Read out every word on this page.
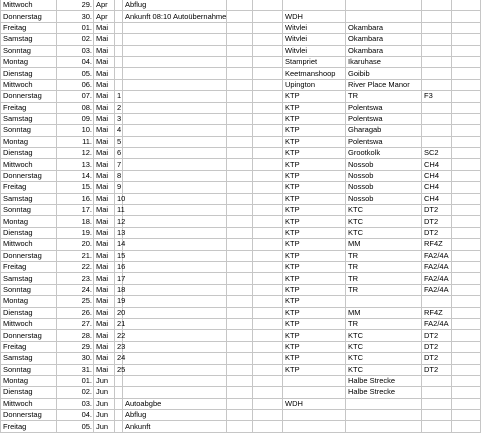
Mittwoch	29.	Apr		Abflug						
Donnerstag	30.	Apr		Ankunft 08:10 Autoübernahme			WDH			
Freitag	01.	Mai					Witvlei	Okambara		
Samstag	02.	Mai					Witvlei	Okambara		
Sonntag	03.	Mai					Witvlei	Okambara		
Montag	04.	Mai					Stampriet	Ikaruhase		
Dienstag	05.	Mai					Keetmanshoop	Goibib		
Mittwoch	06.	Mai					Upington	River Place Manor		
Donnerstag	07.	Mai	1				KTP	TR	F3	
Freitag	08.	Mai	2				KTP	Polentswa		
Samstag	09.	Mai	3				KTP	Polentswa		
Sonntag	10.	Mai	4				KTP	Gharagab		
Montag	11.	Mai	5				KTP	Polentswa		
Dienstag	12.	Mai	6				KTP	Grootkolk	SC2	
Mittwoch	13.	Mai	7				KTP	Nossob	CH4	
Donnerstag	14.	Mai	8				KTP	Nossob	CH4	
Freitag	15.	Mai	9				KTP	Nossob	CH4	
Samstag	16.	Mai	10				KTP	Nossob	CH4	
Sonntag	17.	Mai	11				KTP	KTC	DT2	
Montag	18.	Mai	12				KTP	KTC	DT2	
Dienstag	19.	Mai	13				KTP	KTC	DT2	
Mittwoch	20.	Mai	14				KTP	MM	RF4Z	
Donnerstag	21.	Mai	15				KTP	TR	FA2/4A	
Freitag	22.	Mai	16				KTP	TR	FA2/4A	
Samstag	23.	Mai	17				KTP	TR	FA2/4A	
Sonntag	24.	Mai	18				KTP	TR	FA2/4A	
Montag	25.	Mai	19				KTP			
Dienstag	26.	Mai	20				KTP	MM	RF4Z	
Mittwoch	27.	Mai	21				KTP	TR	FA2/4A	
Donnerstag	28.	Mai	22				KTP	KTC	DT2	
Freitag	29.	Mai	23				KTP	KTC	DT2	
Samstag	30.	Mai	24				KTP	KTC	DT2	
Sonntag	31.	Mai	25				KTP	KTC	DT2	
Montag	01.	Jun						Halbe Strecke		
Dienstag	02.	Jun						Halbe Strecke		
Mittwoch	03.	Jun		Autoabgbe			WDH			
Donnerstag	04.	Jun		Abflug						
Freitag	05.	Jun		Ankunft						
